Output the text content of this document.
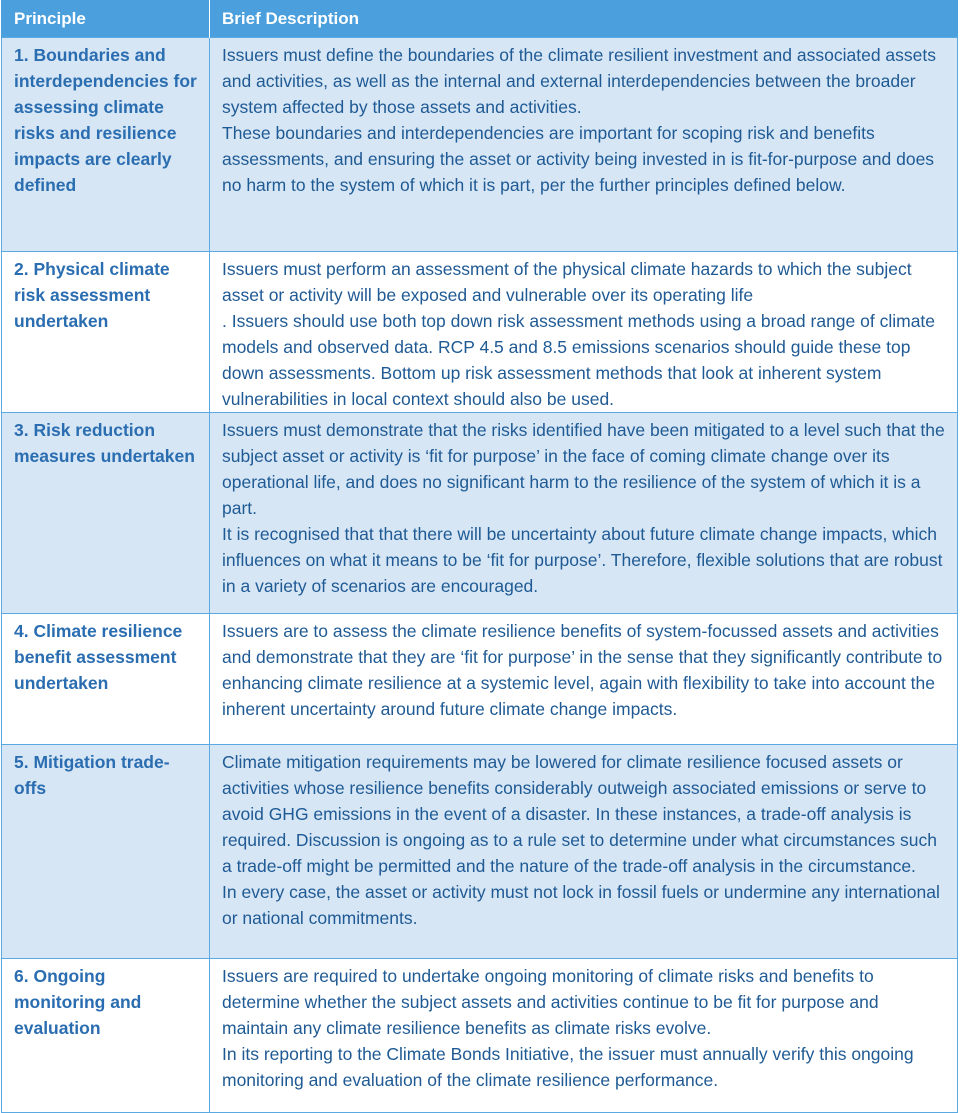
Principle	Brief Description
1. Boundaries and interdependencies for assessing climate risks and resilience impacts are clearly defined	Issuers must define the boundaries of the climate resilient investment and associated assets and activities, as well as the internal and external interdependencies between the broader system affected by those assets and activities.

These boundaries and interdependencies are important for scoping risk and benefits assessments, and ensuring the asset or activity being invested in is fit-for-purpose and does no harm to the system of which it is part, per the further principles defined below.

2. Physical climate risk assessment undertaken	Issuers must perform an assessment of the physical climate hazards to which the subject asset or activity will be exposed and vulnerable over its operating life

. Issuers should use both top down risk assessment methods using a broad range of climate models and observed data. RCP 4.5 and 8.5 emissions scenarios should guide these top down assessments. Bottom up risk assessment methods that look at inherent system vulnerabilities in local context should also be used.

3. Risk reduction measures undertaken	Issuers must demonstrate that the risks identified have been mitigated to a level such that the subject asset or activity is ‘fit for purpose’ in the face of coming climate change over its operational life, and does no significant harm to the resilience of the system of which it is a part.

It is recognised that that there will be uncertainty about future climate change impacts, which influences on what it means to be ‘fit for purpose’. Therefore, flexible solutions that are robust in a variety of scenarios are encouraged.

4. Climate resilience benefit assessment undertaken	Issuers are to assess the climate resilience benefits of system-focussed assets and activities and demonstrate that they are ‘fit for purpose’ in the sense that they significantly contribute to enhancing climate resilience at a systemic level, again with flexibility to take into account the inherent uncertainty around future climate change impacts.

5. Mitigation trade-offs	Climate mitigation requirements may be lowered for climate resilience focused assets or activities whose resilience benefits considerably outweigh associated emissions or serve to avoid GHG emissions in the event of a disaster. In these instances, a trade-off analysis is required. Discussion is ongoing as to a rule set to determine under what circumstances such a trade-off might be permitted and the nature of the trade-off analysis in the circumstance.

In every case, the asset or activity must not lock in fossil fuels or undermine any international or national commitments.

6. Ongoing monitoring and evaluation	Issuers are required to undertake ongoing monitoring of climate risks and benefits to determine whether the subject assets and activities continue to be fit for purpose and maintain any climate resilience benefits as climate risks evolve.

In its reporting to the Climate Bonds Initiative, the issuer must annually verify this ongoing monitoring and evaluation of the climate resilience performance.
